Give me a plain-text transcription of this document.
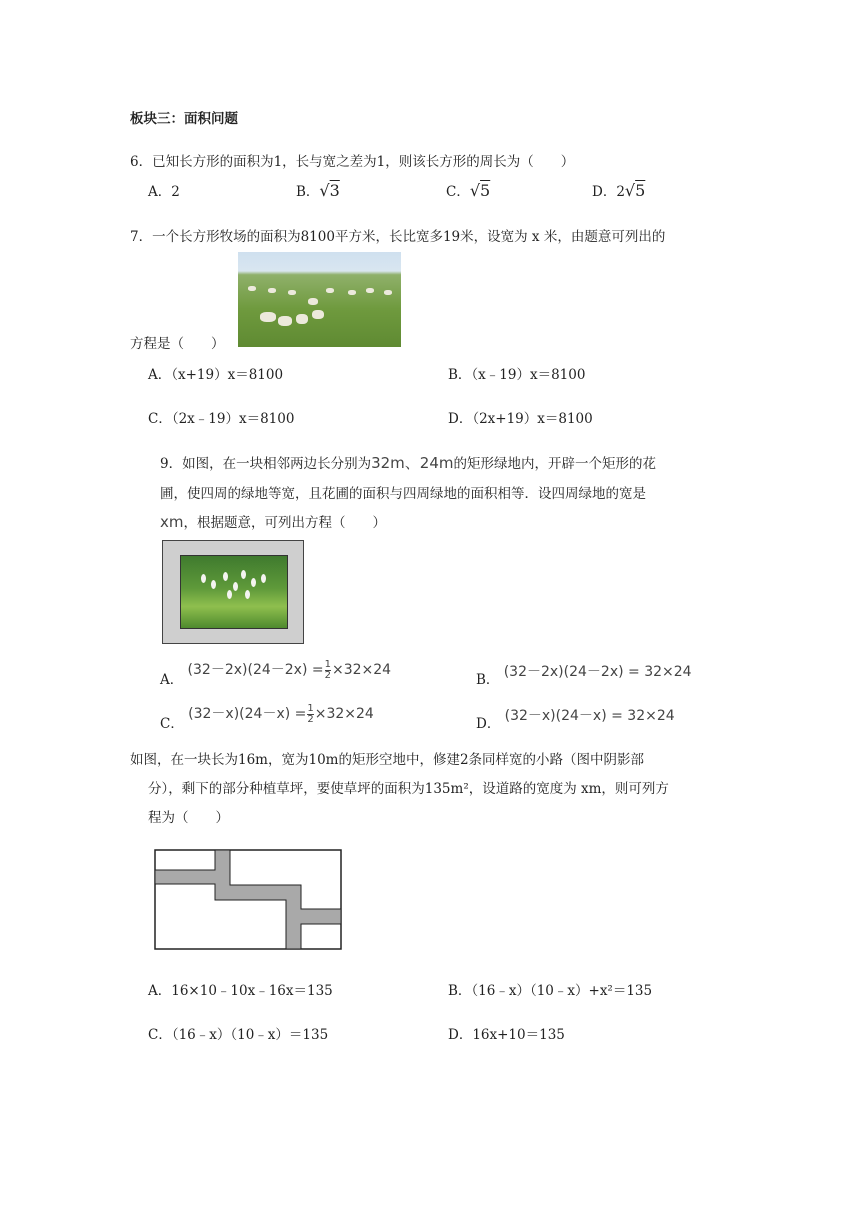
板块三：面积问题
6．已知长方形的面积为1，长与宽之差为1，则该长方形的周长为（　　）
A．2	B．√3	C．√5	D．2√5
7．一个长方形牧场的面积为8100平方米，长比宽多19米，设宽为 x 米，由题意可列出的
方程是（　　）
A．（x+19）x＝8100	B．（x﹣19）x＝8100
C．（2x﹣19）x＝8100	D．（2x+19）x＝8100
9．如图，在一块相邻两边长分别为32m、24m的矩形绿地内，开辟一个矩形的花
圃，使四周的绿地等宽，且花圃的面积与四周绿地的面积相等．设四周绿地的宽是
xm，根据题意，可列出方程（　　）
A． $(32-2x)(24-2x) = \frac{1}{2} \times 32\times 24$
B． (32－2x)(24－2x) = 32×24
C． $(32-x)(24-x) = \frac{1}{2} \times 32\times 24$
D． (32－x)(24－x) = 32×24
如图，在一块长为16m，宽为10m的矩形空地中，修建2条同样宽的小路（图中阴影部
分），剩下的部分种植草坪，要使草坪的面积为135m²，设道路的宽度为 xm，则可列方
程为（　　）
A．16×10﹣10x﹣16x＝135	B．（16﹣x）（10﹣x）+x²＝135
C．（16﹣x）（10﹣x）＝135	D．16x+10＝135
